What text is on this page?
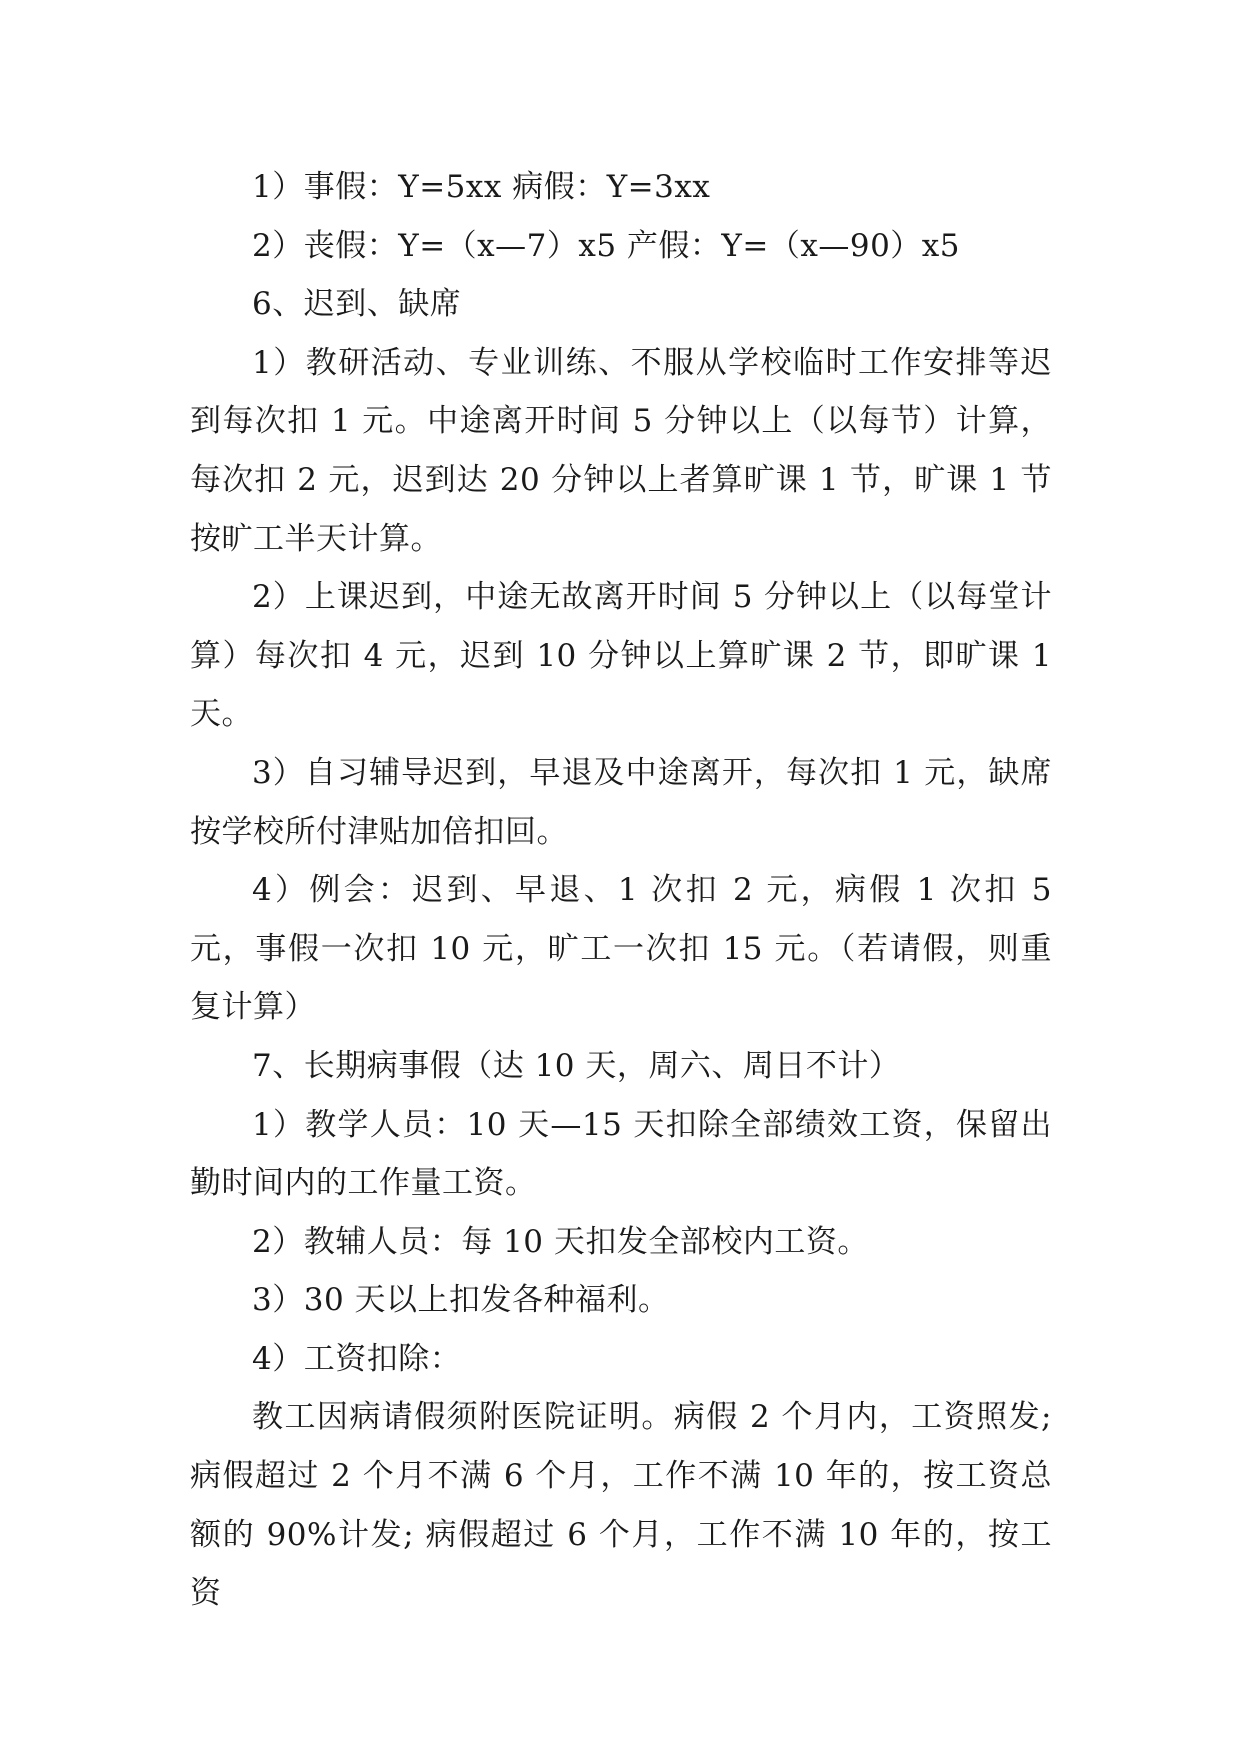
1）事假：Y=5xx 病假：Y=3xx

2）丧假：Y=（x—7）x5 产假：Y=（x—90）x5

6、迟到、缺席

1）教研活动、专业训练、不服从学校临时工作安排等迟到每次扣 1 元。中途离开时间 5 分钟以上（以每节）计算，每次扣 2 元，迟到达 20 分钟以上者算旷课 1 节，旷课 1 节按旷工半天计算。

2）上课迟到，中途无故离开时间 5 分钟以上（以每堂计算）每次扣 4 元，迟到 10 分钟以上算旷课 2 节，即旷课 1 天。

3）自习辅导迟到，早退及中途离开，每次扣 1 元，缺席按学校所付津贴加倍扣回。

4）例会：迟到、早退、1 次扣 2 元，病假 1 次扣 5 元，事假一次扣 10 元，旷工一次扣 15 元。（若请假，则重复计算）

7、长期病事假（达 10 天，周六、周日不计）

1）教学人员：10 天—15 天扣除全部绩效工资，保留出勤时间内的工作量工资。

2）教辅人员：每 10 天扣发全部校内工资。

3）30 天以上扣发各种福利。

4）工资扣除：

教工因病请假须附医院证明。病假 2 个月内，工资照发;病假超过 2 个月不满 6 个月，工作不满 10 年的，按工资总额的 90%计发; 病假超过 6 个月，工作不满 10 年的，按工资
